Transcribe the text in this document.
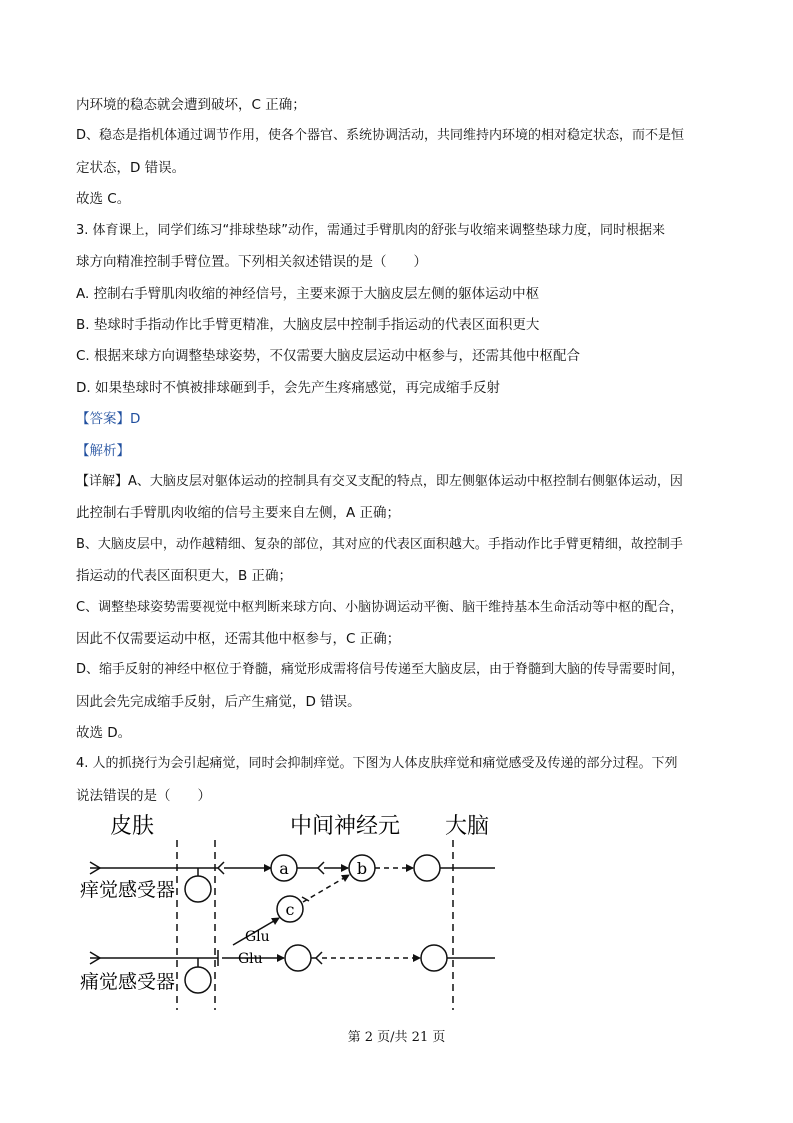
内环境的稳态就会遭到破坏，C 正确；
D、稳态是指机体通过调节作用，使各个器官、系统协调活动，共同维持内环境的相对稳定状态，而不是恒
定状态，D 错误。
故选 C。
3. 体育课上，同学们练习“排球垫球”动作，需通过手臂肌肉的舒张与收缩来调整垫球力度，同时根据来
球方向精准控制手臂位置。下列相关叙述错误的是（　　）
A. 控制右手臂肌肉收缩的神经信号，主要来源于大脑皮层左侧的躯体运动中枢
B. 垫球时手指动作比手臂更精准，大脑皮层中控制手指运动的代表区面积更大
C. 根据来球方向调整垫球姿势，不仅需要大脑皮层运动中枢参与，还需其他中枢配合
D. 如果垫球时不慎被排球砸到手，会先产生疼痛感觉，再完成缩手反射
【答案】D
【解析】
【详解】A、大脑皮层对躯体运动的控制具有交叉支配的特点，即左侧躯体运动中枢控制右侧躯体运动，因
此控制右手臂肌肉收缩的信号主要来自左侧，A 正确；
B、大脑皮层中，动作越精细、复杂的部位，其对应的代表区面积越大。手指动作比手臂更精细，故控制手
指运动的代表区面积更大，B 正确；
C、调整垫球姿势需要视觉中枢判断来球方向、小脑协调运动平衡、脑干维持基本生命活动等中枢的配合，
因此不仅需要运动中枢，还需其他中枢参与，C 正确；
D、缩手反射的神经中枢位于脊髓，痛觉形成需将信号传递至大脑皮层，由于脊髓到大脑的传导需要时间，
因此会先完成缩手反射，后产生痛觉，D 错误。
故选 D。
4. 人的抓挠行为会引起痛觉，同时会抑制痒觉。下图为人体皮肤痒觉和痛觉感受及传递的部分过程。下列
说法错误的是（　　）
皮肤	中间神经元 大脑
a	b
c
Glu
Glu
痒觉感受器
痛觉感受器
第 2 页/共 21 页
